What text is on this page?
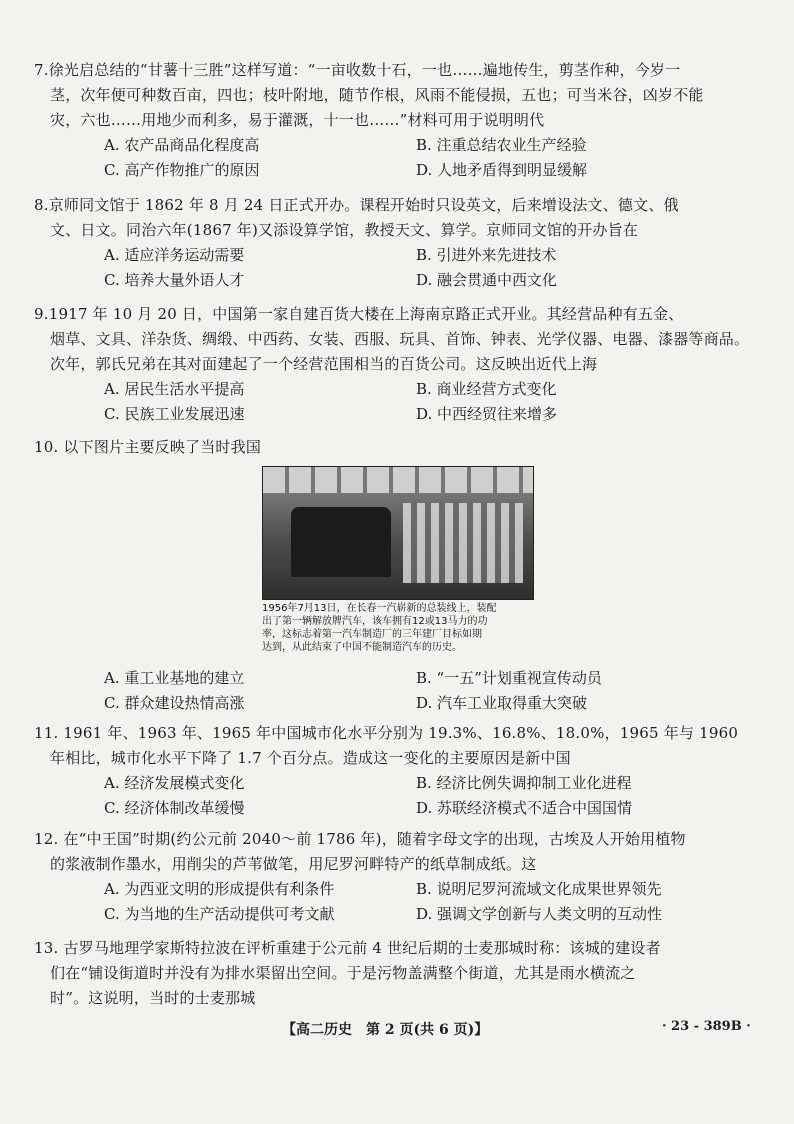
7.徐光启总结的“甘薯十三胜”这样写道：“一亩收数十石，一也……遍地传生，剪茎作种，今岁一
茎，次年便可种数百亩，四也；枝叶附地，随节作根，风雨不能侵损，五也；可当米谷，凶岁不能
灾，六也……用地少而利多，易于灌溉，十一也……”材料可用于说明明代
A. 农产品商品化程度高	B. 注重总结农业生产经验
C. 高产作物推广的原因	D. 人地矛盾得到明显缓解
8.京师同文馆于 1862 年 8 月 24 日正式开办。课程开始时只设英文，后来增设法文、德文、俄
文、日文。同治六年(1867 年)又添设算学馆，教授天文、算学。京师同文馆的开办旨在
A. 适应洋务运动需要	B. 引进外来先进技术
C. 培养大量外语人才	D. 融会贯通中西文化
9.1917 年 10 月 20 日，中国第一家自建百货大楼在上海南京路正式开业。其经营品种有五金、
烟草、文具、洋杂货、绸缎、中西药、女装、西服、玩具、首饰、钟表、光学仪器、电器、漆器等商品。
次年，郭氏兄弟在其对面建起了一个经营范围相当的百货公司。这反映出近代上海
A. 居民生活水平提高	B. 商业经营方式变化
C. 民族工业发展迅速	D. 中西经贸往来增多
10. 以下图片主要反映了当时我国
1956年7月13日，在长春一汽崭新的总装线上，装配
出了第一辆解放牌汽车，该车拥有12或13马力的功
率，这标志着第一汽车制造厂的三年建厂目标如期
达到，从此结束了中国不能制造汽车的历史。
A. 重工业基地的建立	B. “一五”计划重视宣传动员
C. 群众建设热情高涨	D. 汽车工业取得重大突破
11. 1961 年、1963 年、1965 年中国城市化水平分别为 19.3%、16.8%、18.0%，1965 年与 1960
年相比，城市化水平下降了 1.7 个百分点。造成这一变化的主要原因是新中国
A. 经济发展模式变化	B. 经济比例失调抑制工业化进程
C. 经济体制改革缓慢	D. 苏联经济模式不适合中国国情
12. 在“中王国”时期(约公元前 2040～前 1786 年)，随着字母文字的出现，古埃及人开始用植物
的浆液制作墨水，用削尖的芦苇做笔，用尼罗河畔特产的纸草制成纸。这
A. 为西亚文明的形成提供有利条件	B. 说明尼罗河流域文化成果世界领先
C. 为当地的生产活动提供可考文献	D. 强调文学创新与人类文明的互动性
13. 古罗马地理学家斯特拉波在评析重建于公元前 4 世纪后期的士麦那城时称：该城的建设者
们在“铺设街道时并没有为排水渠留出空间。于是污物盖满整个街道，尤其是雨水横流之
时”。这说明，当时的士麦那城
【高二历史　第 2 页(共 6 页)】	· 23 - 389B ·
